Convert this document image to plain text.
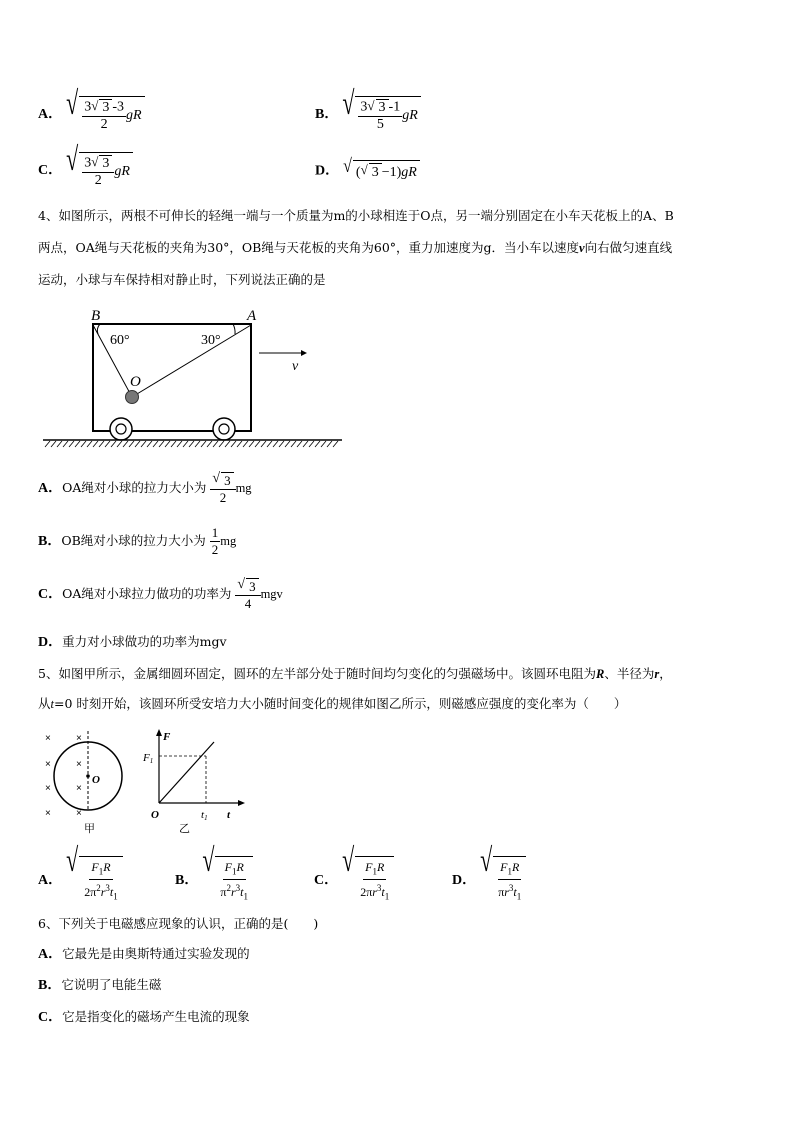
A． √ $\frac{3 √ 3 -3}{2}$ gR	B． √ $\frac{3 √ 3 -1}{5}$ gR
C． √ $\frac{3 √ 3}{2}$ gR	D． √ ( √ 3 −1) gR
4、如图所示，两根不可伸长的轻绳一端与一个质量为m的小球相连于O点，另一端分别固定在小车天花板上的A、B
两点，OA绳与天花板的夹角为30°，OB绳与天花板的夹角为60°，重力加速度为g．当小车以速度v向右做匀速直线
运动，小球与车保持相对静止时，下列说法正确的是
B	A
O
60°	30°
v
A．OA绳对小球的拉力大小为 $\frac{√ 3}{2}$ mg
B．OB绳对小球的拉力大小为 $\frac{1}{2}$ mg
C．OA绳对小球拉力做功的功率为 $\frac{√ 3}{4}$ mgv
D．重力对小球做功的功率为mgv
5、如图甲所示，金属细圆环固定，圆环的左半部分处于随时间均匀变化的匀强磁场中。该圆环电阻为R、半径为r，
从t=0 时刻开始，该圆环所受安培力大小随时间变化的规律如图乙所示，则磁感应强度的变化率为（　　）
O
×	×
×	×
×	×
×	×
甲
F
t
O
F1
t1
乙
A．
√ $\frac{F_1R}{2\pi^2r^3t_1}$	B．
√ $\frac{F_1R}{\pi^2r^3t_1}$	C．
√ $\frac{F_1R}{2\pi r^3t_1}$	D．
√ $\frac{F_1R}{\pi r^3t_1}$
6、下列关于电磁感应现象的认识，正确的是(　　)
A．它最先是由奥斯特通过实验发现的
B．它说明了电能生磁
C．它是指变化的磁场产生电流的现象
